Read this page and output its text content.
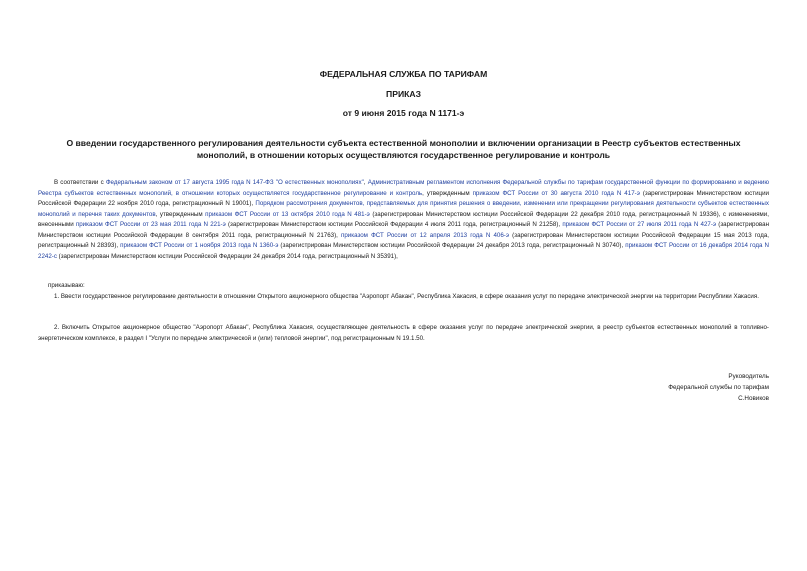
ФЕДЕРАЛЬНАЯ СЛУЖБА ПО ТАРИФАМ
ПРИКАЗ
от 9 июня 2015 года N 1171-э
О введении государственного регулирования деятельности субъекта естественной монополии и включении организации в Реестр субъектов естественных монополий, в отношении которых осуществляются государственное регулирование и контроль
В соответствии с Федеральным законом от 17 августа 1995 года N 147-ФЗ "О естественных монополиях", Административным регламентом исполнения Федеральной службы по тарифам государственной функции по формированию и ведению Реестра субъектов естественных монополий, в отношении которых осуществляется государственное регулирование и контроль, утвержденным приказом ФСТ России от 30 августа 2010 года N 417-э (зарегистрирован Министерством юстиции Российской Федерации 22 ноября 2010 года, регистрационный N 19001), Порядком рассмотрения документов, представляемых для принятия решения о введении, изменении или прекращении регулирования деятельности субъектов естественных монополий и перечня таких документов, утвержденным приказом ФСТ России от 13 октября 2010 года N 481-э (зарегистрирован Министерством юстиции Российской Федерации 22 декабря 2010 года, регистрационный N 19336), с изменениями, внесенными приказом ФСТ России от 23 мая 2011 года N 221-э (зарегистрирован Министерством юстиции Российской Федерации 4 июля 2011 года, регистрационный N 21258), приказом ФСТ России от 27 июля 2011 года N 427-э (зарегистрирован Министерством юстиции Российской Федерации 8 сентября 2011 года, регистрационный N 21763), приказом ФСТ России от 12 апреля 2013 года N 406-э (зарегистрирован Министерством юстиции Российской Федерации 15 мая 2013 года, регистрационный N 28393), приказом ФСТ России от 1 ноября 2013 года N 1360-э (зарегистрирован Министерством юстиции Российской Федерации 24 декабря 2013 года, регистрационный N 30740), приказом ФСТ России от 16 декабря 2014 года N 2242-с (зарегистрирован Министерством юстиции Российской Федерации 24 декабря 2014 года, регистрационный N 35391),
приказываю:
1. Ввести государственное регулирование деятельности в отношении Открытого акционерного общества "Аэропорт Абакан", Республика Хакасия, в сфере оказания услуг по передаче электрической энергии на территории Республики Хакасия.
2. Включить Открытое акционерное общество "Аэропорт Абакан", Республика Хакасия, осуществляющее деятельность в сфере оказания услуг по передаче электрической энергии, в реестр субъектов естественных монополий в топливно-энергетическом комплексе, в раздел I "Услуги по передаче электрической и (или) тепловой энергии", под регистрационным N 19.1.50.
Руководитель
Федеральной службы по тарифам
С.Новиков
